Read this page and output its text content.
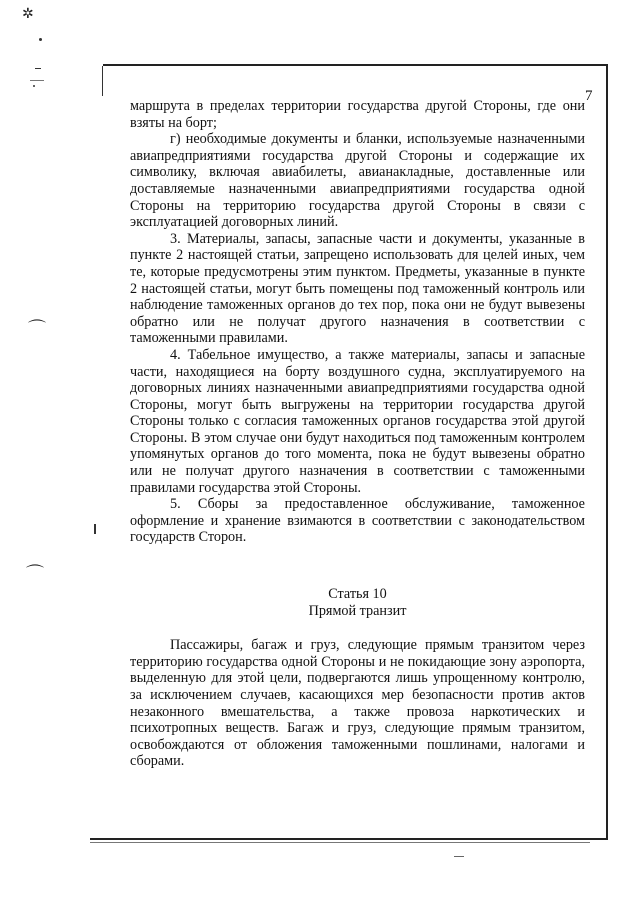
✲
⌒
⌒
7

маршрута в пределах территории государства другой Стороны, где они взяты на борт;

г) необходимые документы и бланки, используемые назначенными авиапредприятиями государства другой Стороны и содержащие их символику, включая авиабилеты, авианакладные, доставленные или доставляемые назначенными авиапредприятиями государства одной Стороны на территорию государства другой Стороны в связи с эксплуатацией договорных линий.

3. Материалы, запасы, запасные части и документы, указанные в пункте 2 настоящей статьи, запрещено использовать для целей иных, чем те, которые предусмотрены этим пунктом. Предметы, указанные в пункте 2 настоящей статьи, могут быть помещены под таможенный контроль или наблюдение таможенных органов до тех пор, пока они не будут вывезены обратно или не получат другого назначения в соответствии с таможенными правилами.

4. Табельное имущество, а также материалы, запасы и запасные части, находящиеся на борту воздушного судна, эксплуатируемого на договорных линиях назначенными авиапредприятиями государства одной Стороны, могут быть выгружены на территории государства другой Стороны только с согласия таможенных органов государства этой другой Стороны. В этом случае они будут находиться под таможенным контролем упомянутых органов до того момента, пока не будут вывезены обратно или не получат другого назначения в соответствии с таможенными правилами государства этой Стороны.

5. Сборы за предоставленное обслуживание, таможенное оформление и хранение взимаются в соответствии с законодательством государств Сторон.

Статья 10

Прямой транзит

Пассажиры, багаж и груз, следующие прямым транзитом через территорию государства одной Стороны и не покидающие зону аэропорта, выделенную для этой цели, подвергаются лишь упрощенному контролю, за исключением случаев, касающихся мер безопасности против актов незаконного вмешательства, а также провоза наркотических и психотропных веществ. Багаж и груз, следующие прямым транзитом, освобождаются от обложения таможенными пошлинами, налогами и сборами.
